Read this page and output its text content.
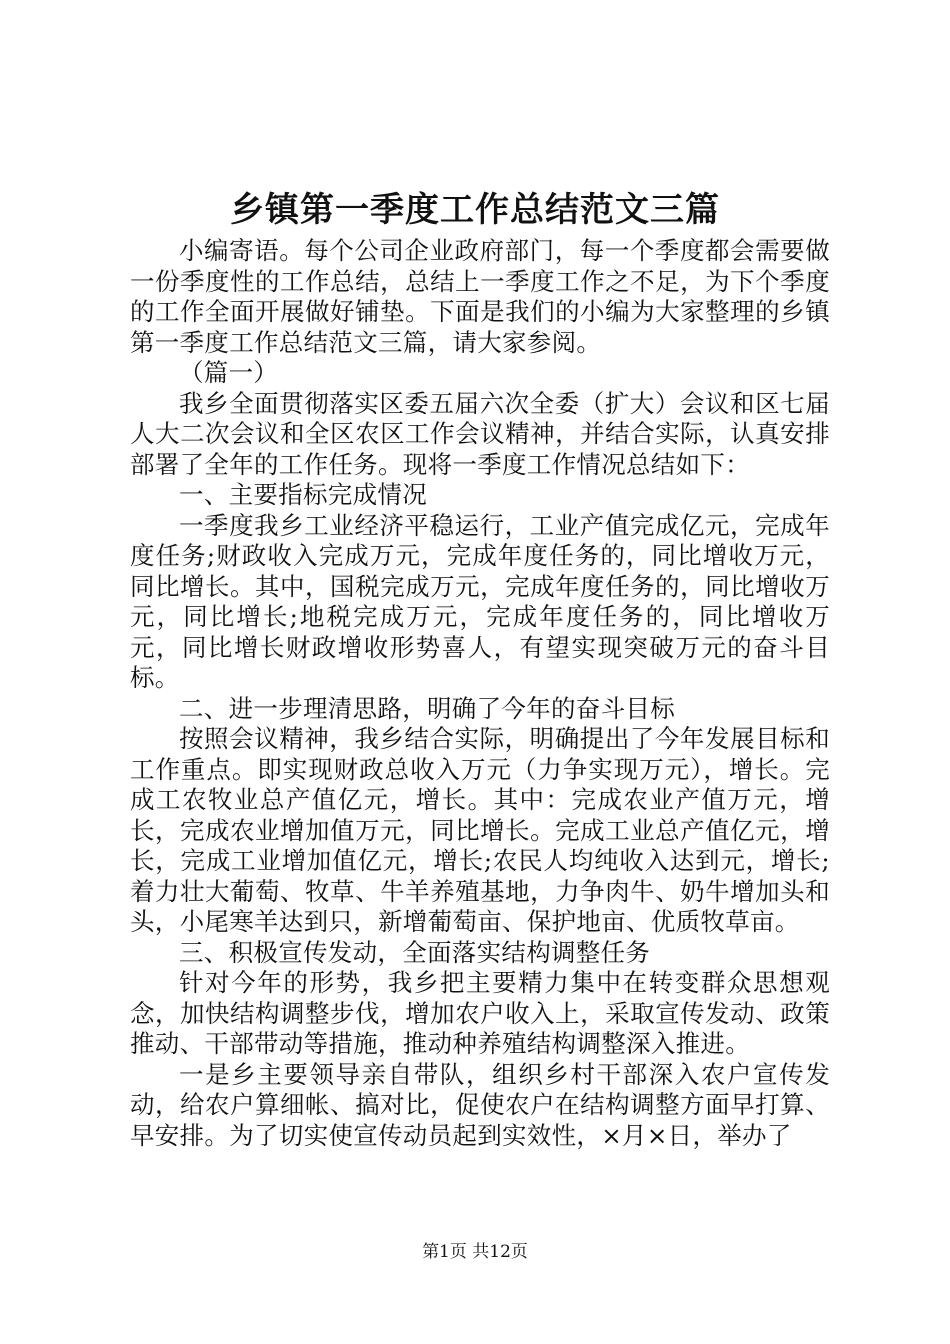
乡镇第一季度工作总结范文三篇

小编寄语。每个公司企业政府部门，每一个季度都会需要做一份季度性的工作总结，总结上一季度工作之不足，为下个季度的工作全面开展做好铺垫。下面是我们的小编为大家整理的乡镇第一季度工作总结范文三篇，请大家参阅。

（篇一）

我乡全面贯彻落实区委五届六次全委（扩大）会议和区七届人大二次会议和全区农区工作会议精神，并结合实际，认真安排部署了全年的工作任务。现将一季度工作情况总结如下：

一、主要指标完成情况

一季度我乡工业经济平稳运行，工业产值完成亿元，完成年度任务;财政收入完成万元，完成年度任务的，同比增收万元，同比增长。其中，国税完成万元，完成年度任务的，同比增收万元，同比增长;地税完成万元，完成年度任务的，同比增收万元，同比增长财政增收形势喜人，有望实现突破万元的奋斗目标。

二、进一步理清思路，明确了今年的奋斗目标

按照会议精神，我乡结合实际，明确提出了今年发展目标和工作重点。即实现财政总收入万元（力争实现万元），增长。完成工农牧业总产值亿元，增长。其中：完成农业产值万元，增长，完成农业增加值万元，同比增长。完成工业总产值亿元，增长，完成工业增加值亿元，增长;农民人均纯收入达到元，增长;着力壮大葡萄、牧草、牛羊养殖基地，力争肉牛、奶牛增加头和头，小尾寒羊达到只，新增葡萄亩、保护地亩、优质牧草亩。

三、积极宣传发动，全面落实结构调整任务

针对今年的形势，我乡把主要精力集中在转变群众思想观念，加快结构调整步伐，增加农户收入上，采取宣传发动、政策推动、干部带动等措施，推动种养殖结构调整深入推进。

一是乡主要领导亲自带队，组织乡村干部深入农户宣传发动，给农户算细帐、搞对比，促使农户在结构调整方面早打算、早安排。为了切实使宣传动员起到实效性，×月×日，举办了

第1页 共12页
